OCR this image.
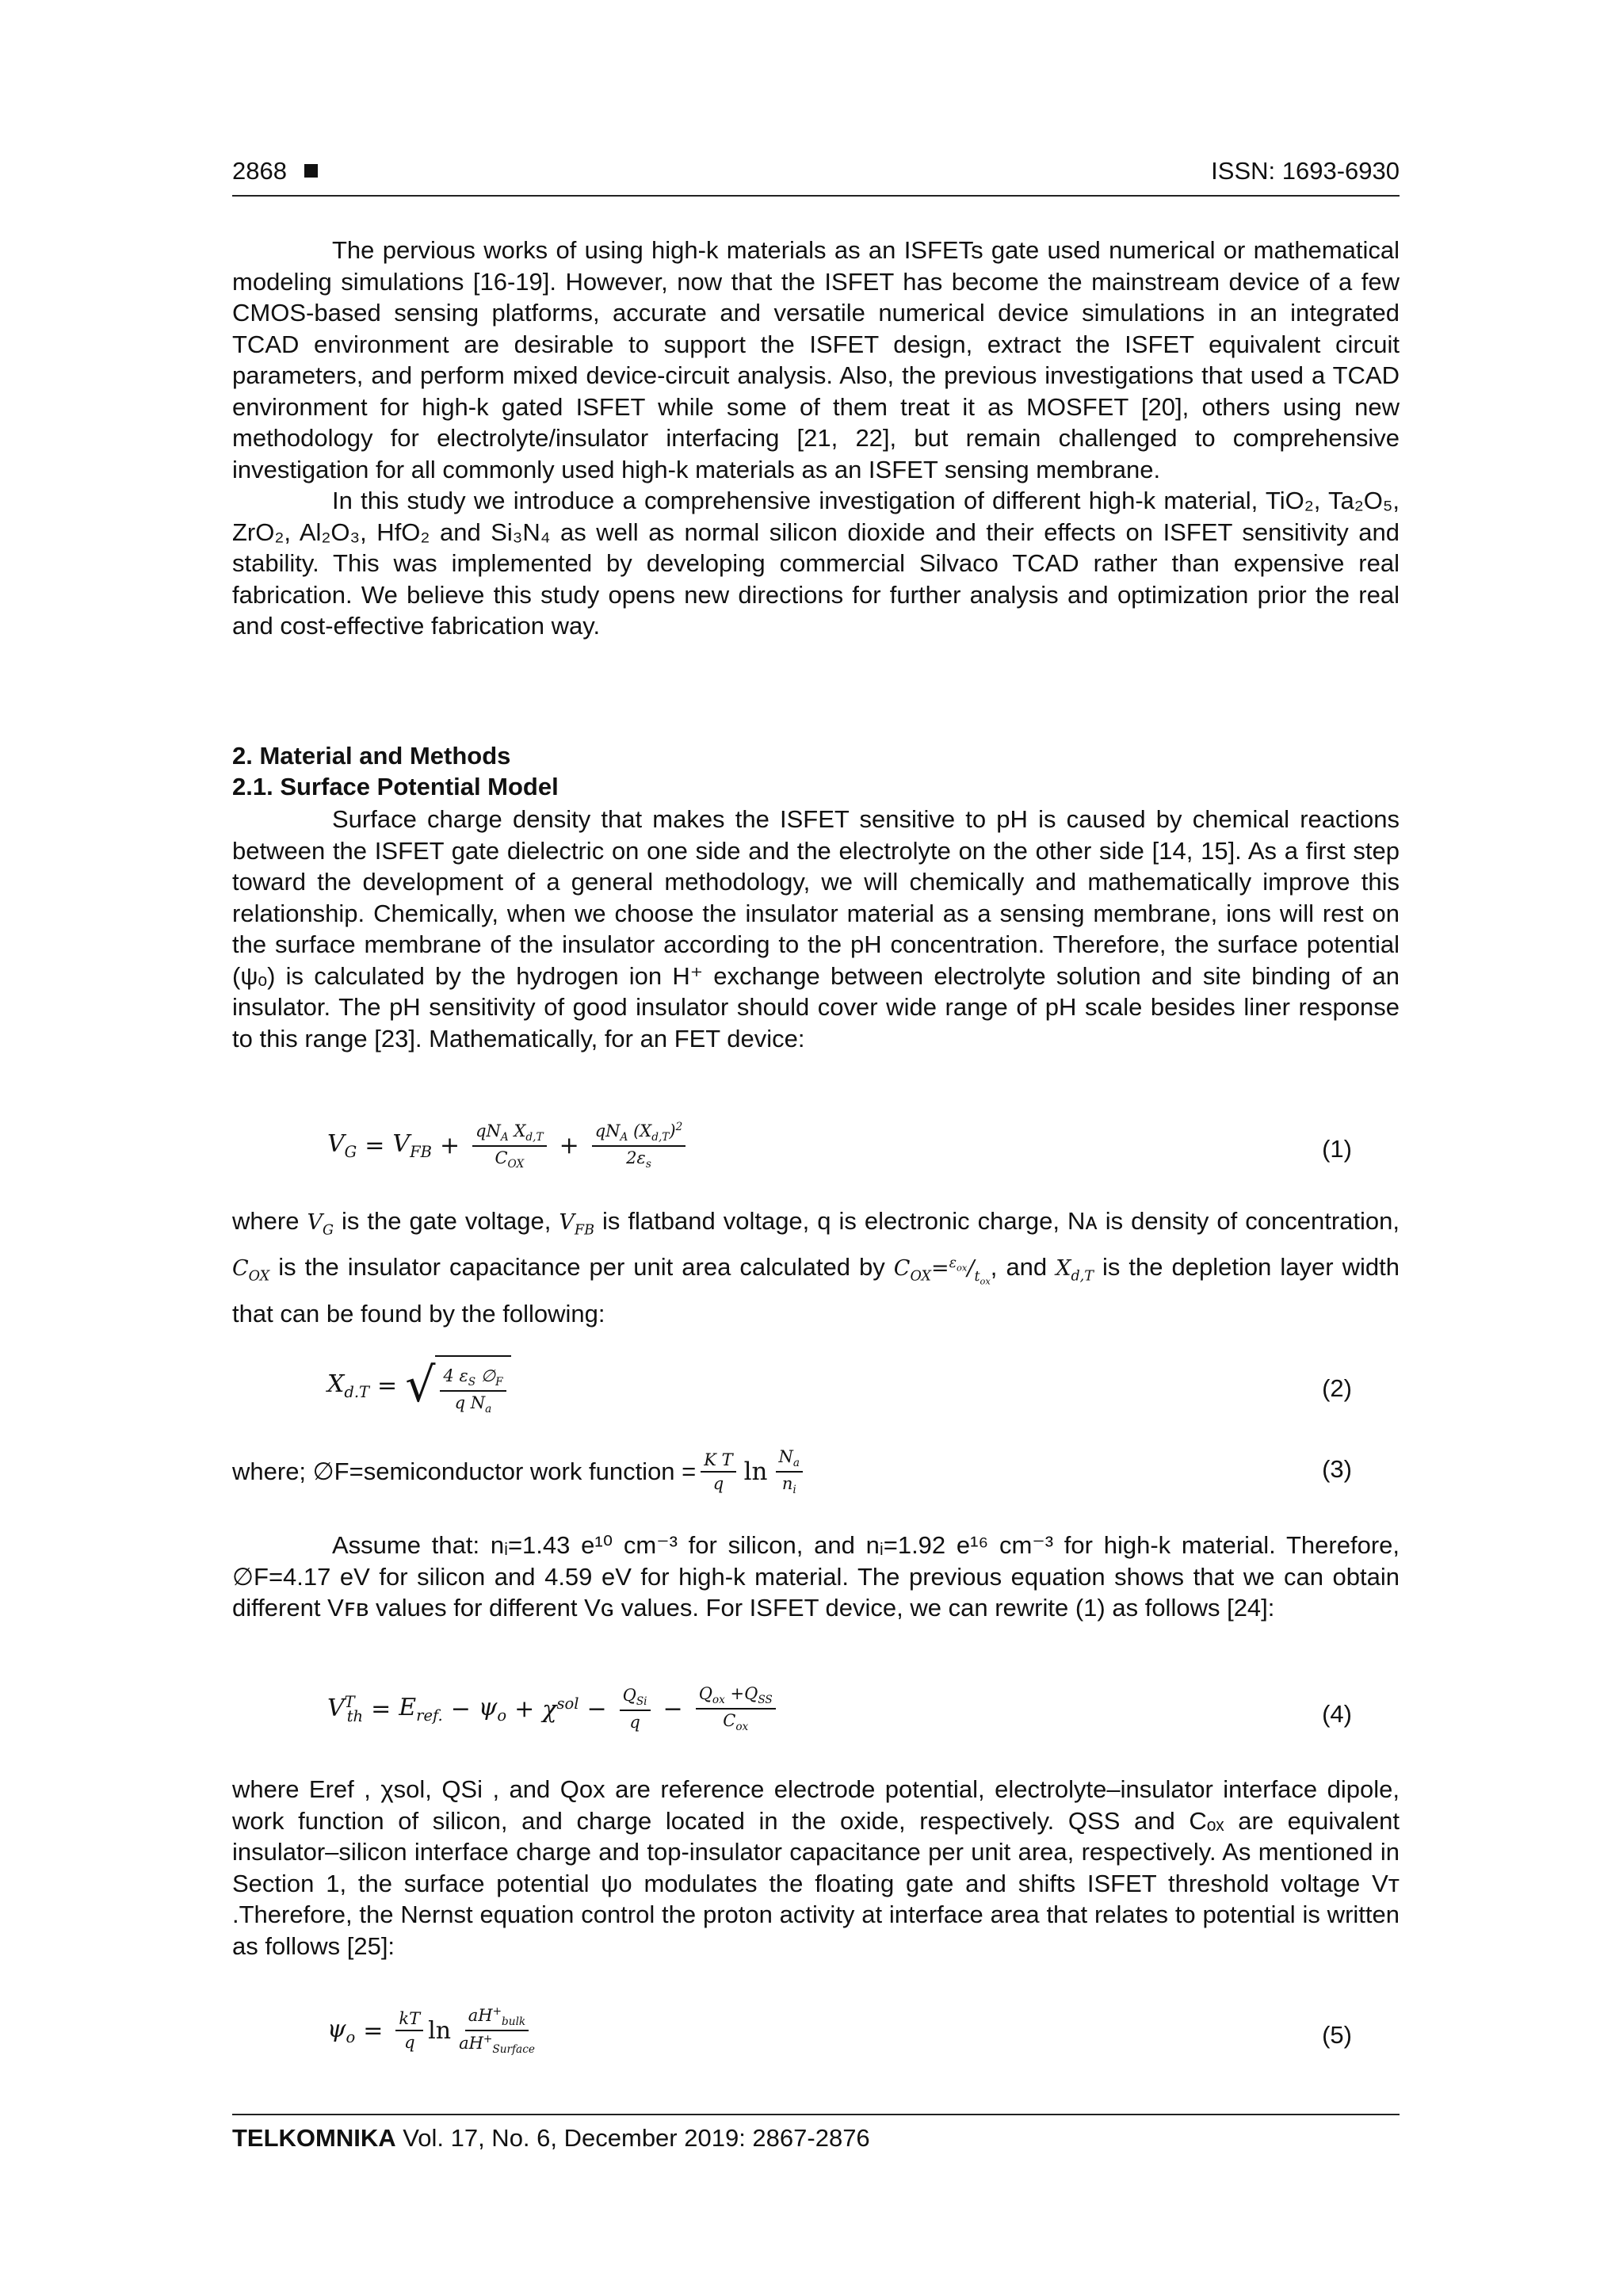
2868	ISSN: 1693-6930

The pervious works of using high-k materials as an ISFETs gate used numerical or mathematical modeling simulations [16-19]. However, now that the ISFET has become the mainstream device of a few CMOS-based sensing platforms, accurate and versatile numerical device simulations in an integrated TCAD environment are desirable to support the ISFET design, extract the ISFET equivalent circuit parameters, and perform mixed device-circuit analysis. Also, the previous investigations that used a TCAD environment for high-k gated ISFET while some of them treat it as MOSFET [20], others using new methodology for electrolyte/insulator interfacing [21, 22], but remain challenged to comprehensive investigation for all commonly used high-k materials as an ISFET sensing membrane.

In this study we introduce a comprehensive investigation of different high-k material, TiO₂, Ta₂O₅, ZrO₂, Al₂O₃, HfO₂ and Si₃N₄ as well as normal silicon dioxide and their effects on ISFET sensitivity and stability. This was implemented by developing commercial Silvaco TCAD rather than expensive real fabrication. We believe this study opens new directions for further analysis and optimization prior the real and cost-effective fabrication way.

2. Material and Methods
2.1. Surface Potential Model

Surface charge density that makes the ISFET sensitive to pH is caused by chemical reactions between the ISFET gate dielectric on one side and the electrolyte on the other side [14, 15]. As a first step toward the development of a general methodology, we will chemically and mathematically improve this relationship. Chemically, when we choose the insulator material as a sensing membrane, ions will rest on the surface membrane of the insulator according to the pH concentration. Therefore, the surface potential (ψₒ) is calculated by the hydrogen ion H⁺ exchange between electrolyte solution and site binding of an insulator. The pH sensitivity of good insulator should cover wide range of pH scale besides liner response to this range [23]. Mathematically, for an FET device:

$V_G = V_{FB} + \frac{qN_A X_{d,T}}{C_{OX}} + \frac{qN_A (X_{d,T})^2}{2\varepsilon_s}$	(1)

where $V_G$ is the gate voltage, $V_{FB}$ is flatband voltage, q is electronic charge, Nᴀ is density of concentration, $C_{OX}$ is the insulator capacitance per unit area calculated by $C_{OX}=^{\varepsilon_{ox}}/_{t_{ox}}$, and $X_{d,T}$ is the depletion layer width that can be found by the following:

$X_{d.T}$ = √ $\frac{4 \varepsilon_S \emptyset_F}{q N_a}$	(2)
where; ∅F=semiconductor work function = $\frac{\text{K T}}{q}$ $\ln \frac{N_a}{n_i}$	(3)

Assume that: nᵢ=1.43 e¹⁰ cm⁻³ for silicon, and nᵢ=1.92 e¹⁶ cm⁻³ for high-k material. Therefore, ∅F=4.17 eV for silicon and 4.59 eV for high-k material. The previous equation shows that we can obtain different Vꜰʙ values for different Vɢ values. For ISFET device, we can rewrite (1) as follows [24]:

$V^T_{th} = E_{ref.} - \psi_o + \chi^{sol} - \frac{Q_{Si}}{q} - \frac{Q_{ox} +Q_{SS}}{C_{ox}}$	(4)

where Eref , χsol, QSi , and Qox are reference electrode potential, electrolyte–insulator interface dipole, work function of silicon, and charge located in the oxide, respectively. QSS and Cₒₓ are equivalent insulator–silicon interface charge and top-insulator capacitance per unit area, respectively. As mentioned in Section 1, the surface potential ψo modulates the floating gate and shifts ISFET threshold voltage Vᴛ .Therefore, the Nernst equation control the proton activity at interface area that relates to potential is written as follows [25]:

$\psi_o = \frac{kT}{q}$ $\ln \frac{aH^+_{bulk}}{aH^+_{Surface}}$	(5)
TELKOMNIKA Vol. 17, No. 6, December 2019: 2867-2876
